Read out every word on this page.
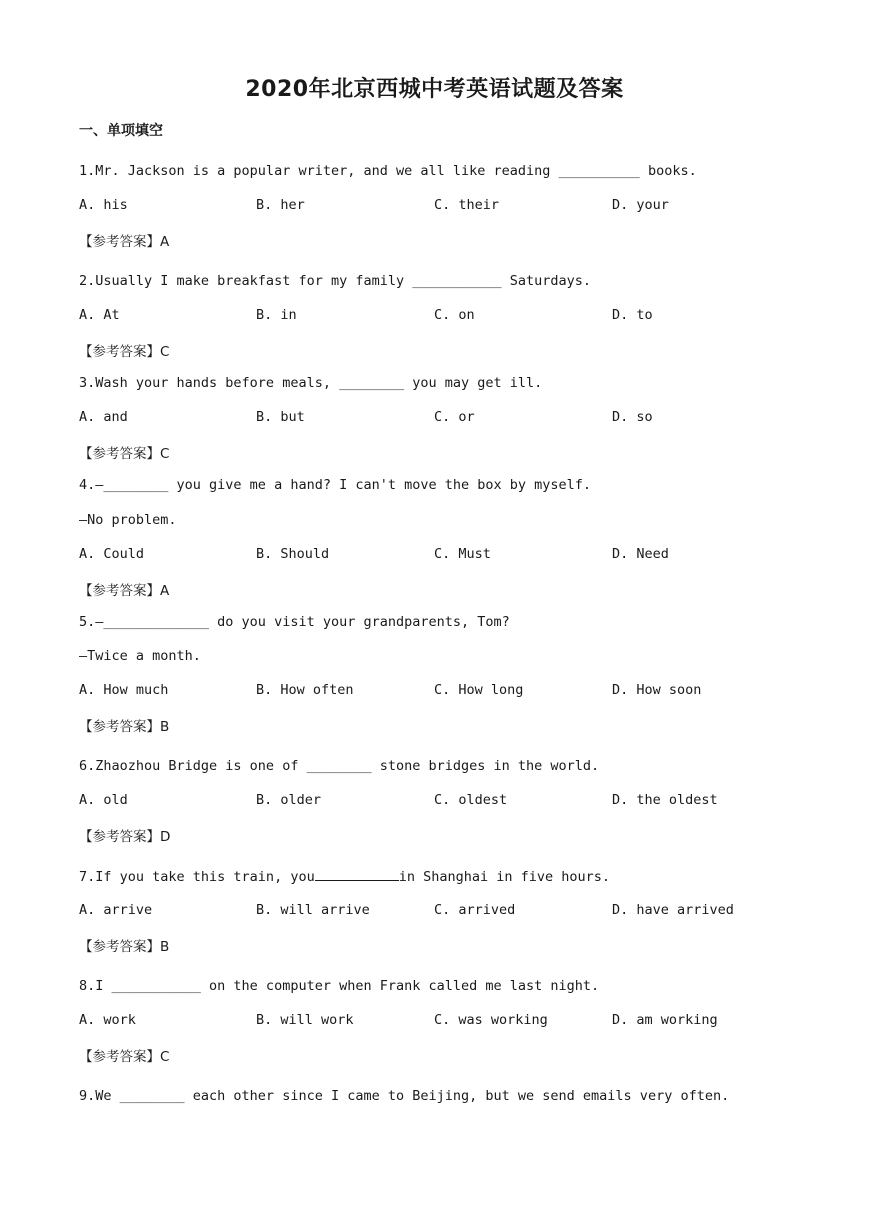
2020年北京西城中考英语试题及答案
一、单项填空
1.Mr. Jackson is a popular writer, and we all like reading __________ books.
A. his	B. her	C. their	D. your
【参考答案】A
2.Usually I make breakfast for my family ___________ Saturdays.
A. At	B. in	C. on	D. to
【参考答案】C
3.Wash your hands before meals, ________ you may get ill.
A. and	B. but	C. or	D. so
【参考答案】C
4.—________ you give me a hand? I can't move the box by myself.
—No problem.
A. Could	B. Should	C. Must	D. Need
【参考答案】A
5.—_____________ do you visit your grandparents, Tom?
—Twice a month.
A. How much	B. How often	C. How long	D. How soon
【参考答案】B
6.Zhaozhou Bridge is one of ________ stone bridges in the world.
A. old	B. older	C. oldest	D. the oldest
【参考答案】D
7.If you take this train, you	in Shanghai in five hours.
A. arrive	B. will arrive	C. arrived	D. have arrived
【参考答案】B
8.I ___________ on the computer when Frank called me last night.
A. work	B. will work	C. was working	D. am working
【参考答案】C
9.We ________ each other since I came to Beijing, but we send emails very often.
